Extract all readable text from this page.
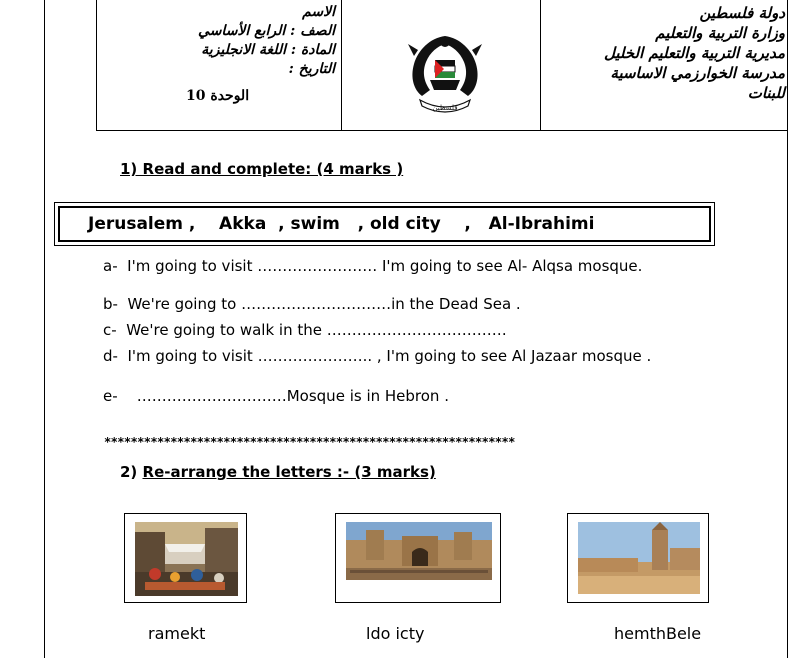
الاسم
الصف : الرابع الأساسي
المادة : اللغة الانجليزية
التاريخ :
الوحدة 10
فلسطين
دولة فلسطين
وزارة التربية والتعليم
مديرية التربية والتعليم الخليل
مدرسة الخوارزمي الاساسية
للبنات
1) Read and complete: (4 marks )
Jerusalem ,    Akka  , swim   , old city    ,   Al-Ibrahimi
a-  I'm going to visit …………………… I'm going to see Al- Alqsa mosque.
b-  We're going to …………………………in the Dead Sea .
c-  We're going to walk in the ………………………………
d-  I'm going to visit ………………….. , I'm going to see Al Jazaar mosque .
e-    …………………………Mosque is in Hebron .
**************************************************************
2) Re-arrange the letters :- (3 marks)
ramekt	ldo icty	hemthBele
